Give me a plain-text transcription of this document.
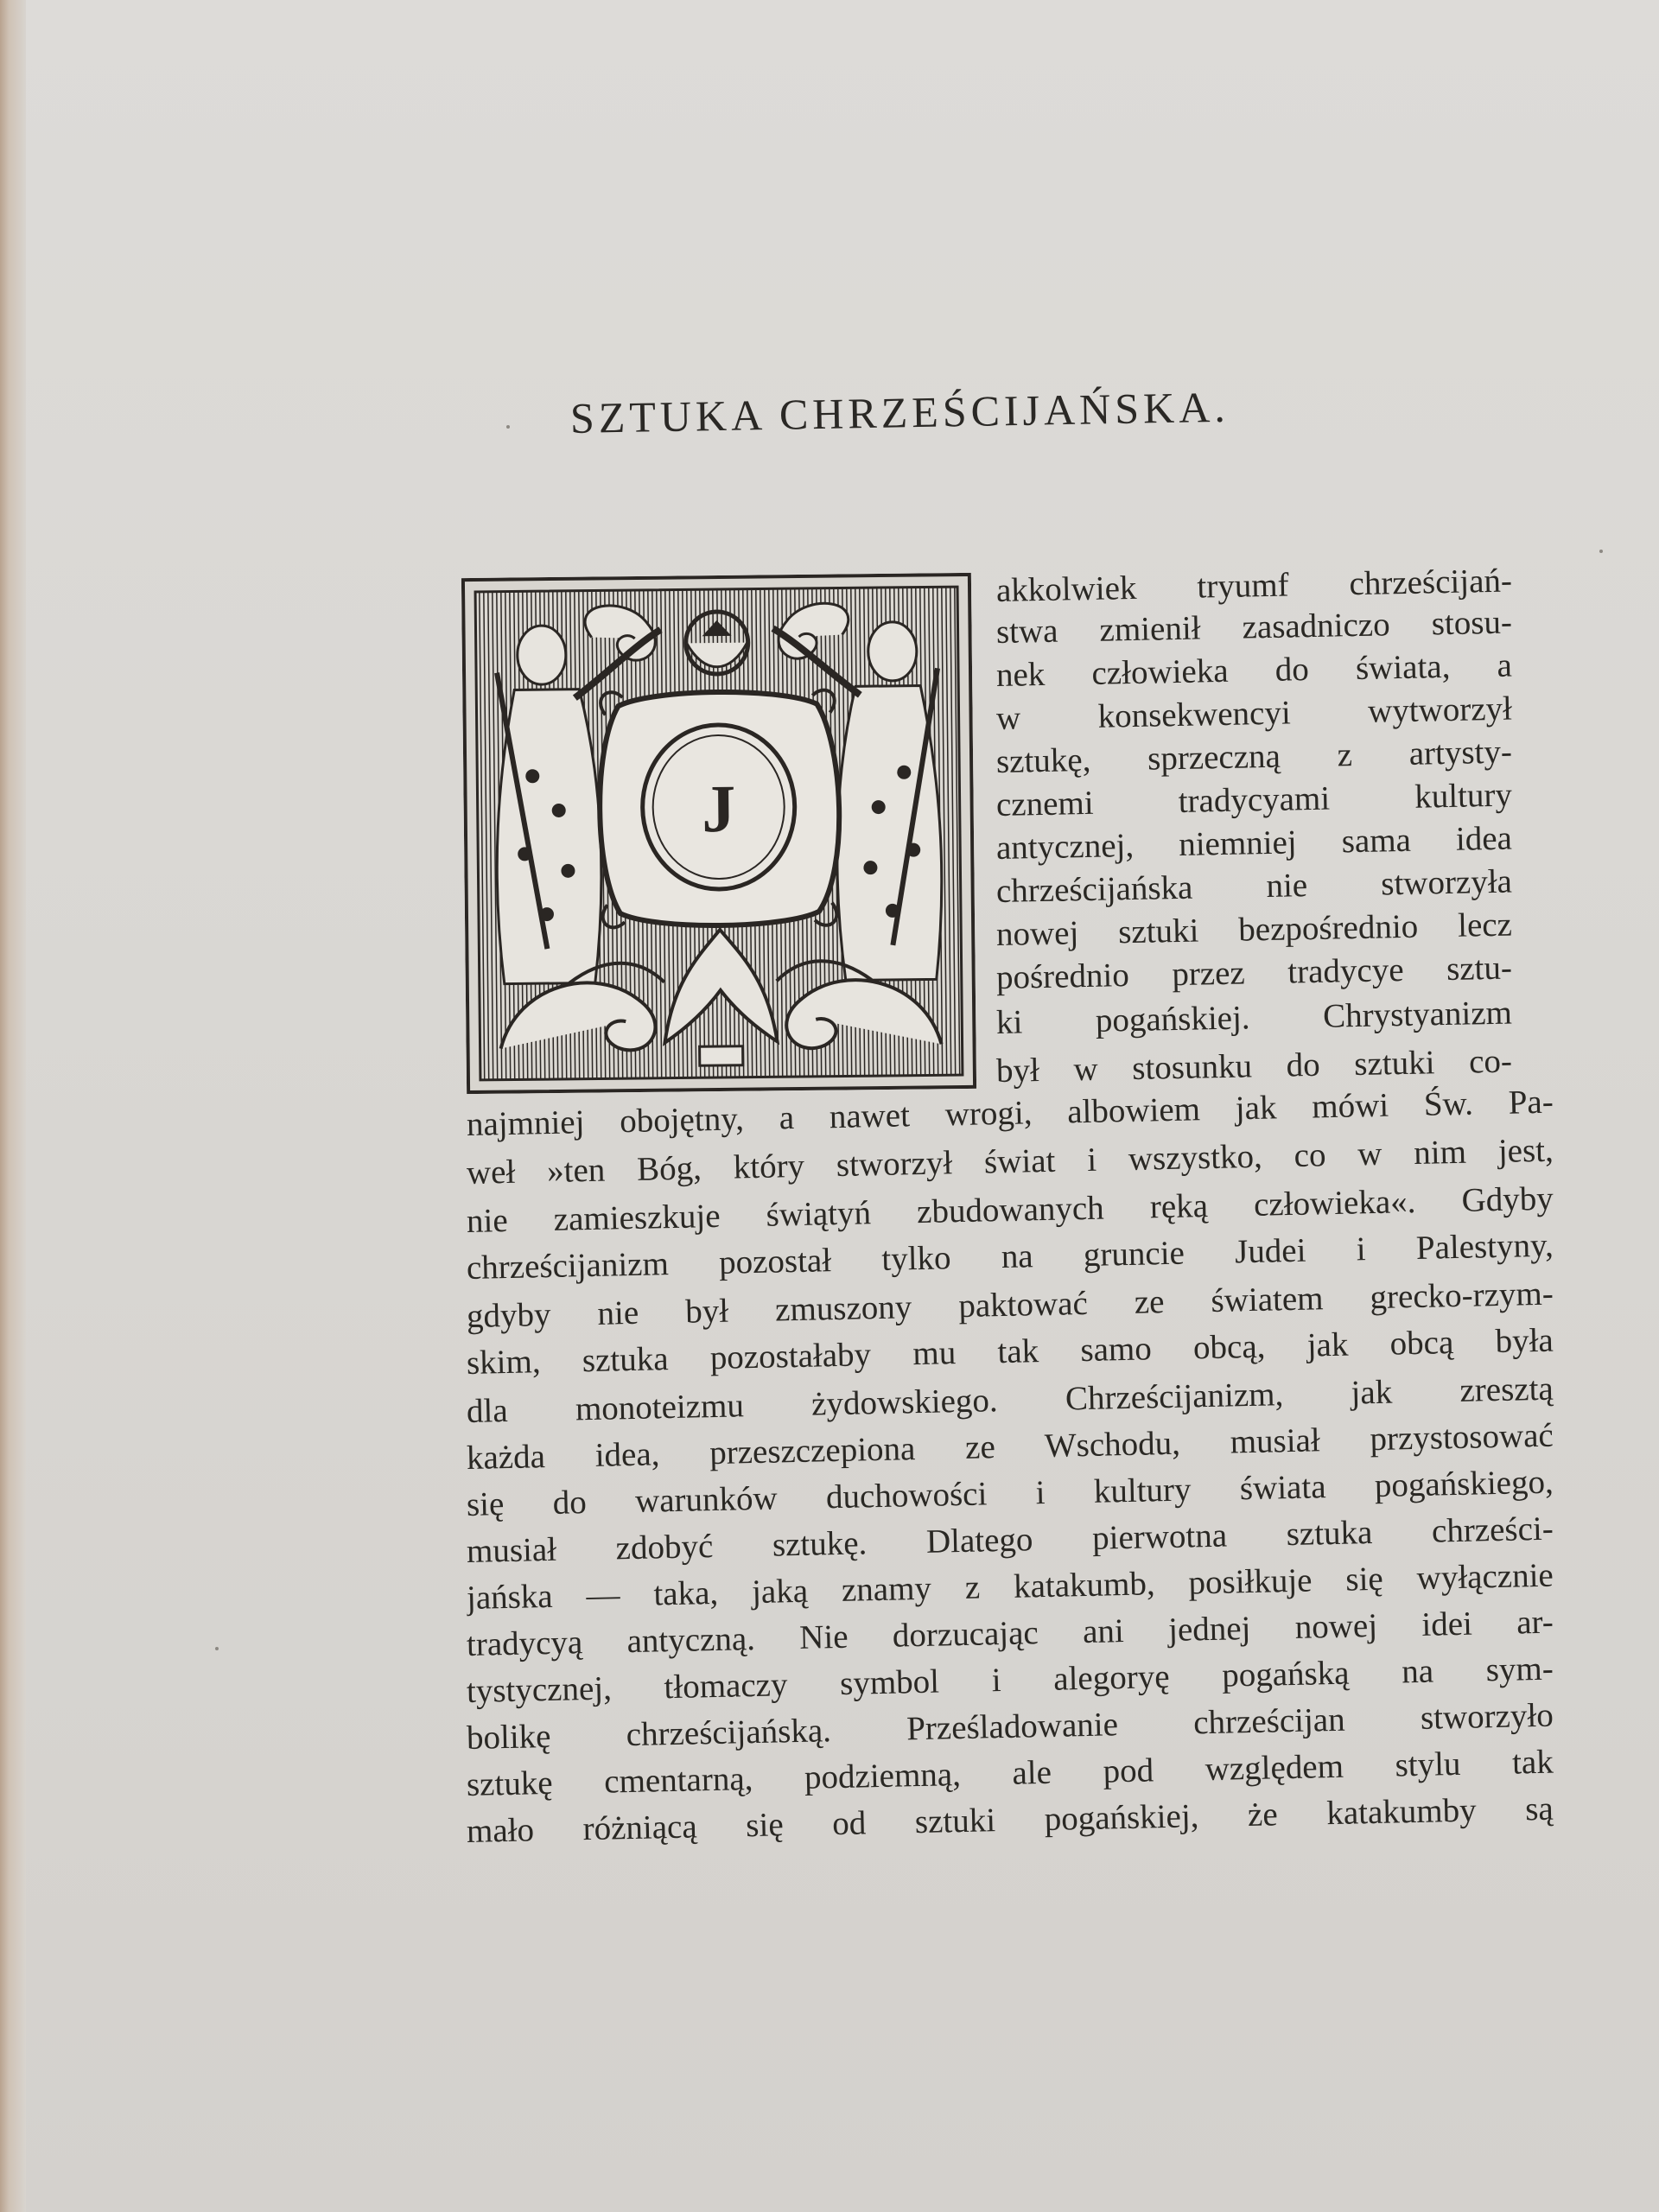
SZTUKA CHRZEŚCIJAŃSKA.
J

akkolwiek tryumf chrześcijań-

stwa zmienił zasadniczo stosu-

nek człowieka do świata, a

w konsekwencyi wytworzył

sztukę, sprzeczną z artysty-

cznemi tradycyami kultury

antycznej, niemniej sama idea

chrześcijańska nie stworzyła

nowej sztuki bezpośrednio lecz

pośrednio przez tradycye sztu-

ki pogańskiej. Chrystyanizm

był w stosunku do sztuki co-

najmniej obojętny, a nawet wrogi, albowiem jak mówi Św. Pa-

weł »ten Bóg, który stworzył świat i wszystko, co w nim jest,

nie zamieszkuje świątyń zbudowanych ręką człowieka«. Gdyby

chrześcijanizm pozostał tylko na gruncie Judei i Palestyny,

gdyby nie był zmuszony paktować ze światem grecko-rzym-

skim, sztuka pozostałaby mu tak samo obcą, jak obcą była

dla monoteizmu żydowskiego. Chrześcijanizm, jak zresztą

każda idea, przeszczepiona ze Wschodu, musiał przystosować

się do warunków duchowości i kultury świata pogańskiego,

musiał zdobyć sztukę. Dlatego pierwotna sztuka chrześci-

jańska — taka, jaką znamy z katakumb, posiłkuje się wyłącznie

tradycyą antyczną. Nie dorzucając ani jednej nowej idei ar-

tystycznej, tłomaczy symbol i alegoryę pogańską na sym-

bolikę chrześcijańską. Prześladowanie chrześcijan stworzyło

sztukę cmentarną, podziemną, ale pod względem stylu tak

mało różniącą się od sztuki pogańskiej, że katakumby są
